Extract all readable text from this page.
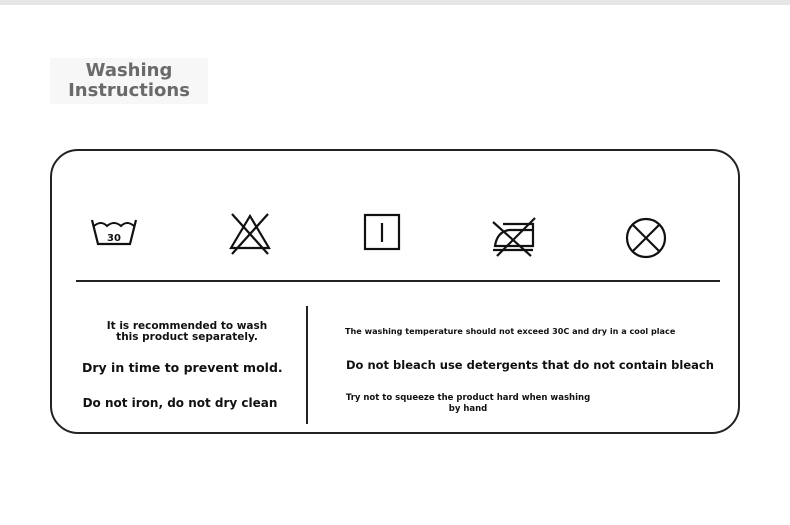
Washing
Instructions
30
It is recommended to wash this product separately.
Dry in time to prevent mold.
Do not iron, do not dry clean
The washing temperature should not exceed 30C and dry in a cool place
Do not bleach use detergents that do not contain bleach
Try not to squeeze the product hard when washing by hand
